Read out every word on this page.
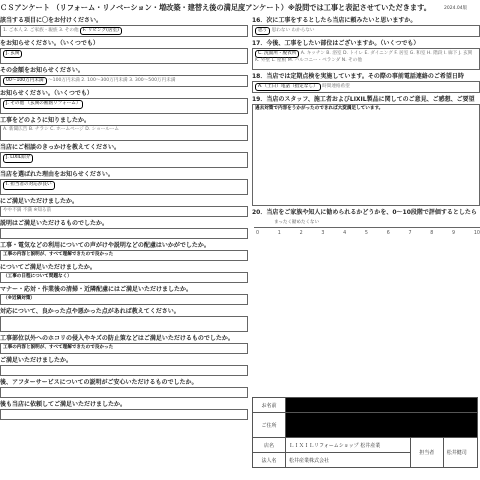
ＣＳアンケート （リフォーム・リノベーション・増改築・建替え後の満足度アンケート）※設問では工事と表記させていただきます。	2024.04版
該当する項目に〇をお付けください。
1. ご本人 2. ご家族・親族 3. その他 F. リビング(居室)
をお知らせください。（いくつでも）
J. 玄関
その金額をお知らせください。
00～100万円未満 ～100万円未満 2. 100～300万円未満 3. 300～500万円未満
お知らせください。（いくつでも）
J. その他 （玄関の断熱リフォーム）
工事をどのように知りましたか。
A. 新聞広告 B. チラシ C. ホームページ D. ショールーム
当店にご相談のきっかけを教えてください。
J. LIXIL紹介
当店を選ばれた理由をお知らせください。
I. 担当者の対応が良い
にご満足いただけましたか。
やや不満 不満 ※知る前
説明はご満足いただけるものでしたか。
工事・電気などの利用についての声がけや説明などの配慮はいかがでしたか。
工事の内容と説明が、すべて理解できたので良かった
についてご満足いただけましたか。
（工事の日程について問題なく）
マナー・応対・作業後の清掃・近隣配慮にはご満足いただけましたか。
（※近隣対策）
対応について、良かった点や悪かった点があれば教えてください。
工事部位以外へのホコリの侵入やキズの防止策などはご満足いただけるものでしたか。
工事の内容と説明が、すべて理解できたので良かった
ご満足いただけましたか。
後、アフターサービスについての説明がご安心いただけるものでしたか。
後も当店に依頼してご満足いただけましたか。
16．次に工事をするとしたら当店に頼みたいと思いますか。
思う 思わない わからない
17．今後、工事をしたい部位はございますか。（いくつでも）
C. 洗面所・脱衣所 A. キッチン B. 浴室 D. トイレ E. ダイニング F. 居室 G. 和室 H. 階段 I. 廊下 J. 玄関 K. 外壁 L. 屋根 M. バルコニー・ベランダ N. その他
18．当店では定期点検を実施しています。その際の事前電話連絡のご希望日時
A.（土日）電話（指定なし） 時間連絡希望
19．当店のスタッフ、施工者およびLIXIL製品に関してのご意見、ご感想、ご要望
過去対策で内容をうかがったのできれば大変満足しています。
20．当店をご家族や知人に勧められるかどうかを、0～10段階で評価するとしたら
まったく勧めたくない
0	1	2	3	4	5	6	7	8	9	10
お名前			
ご住所			
店名	ＬＩＸＩＬリフォームショップ 松井産業	担当者	松井健司
法人名	松井産業株式会社		
